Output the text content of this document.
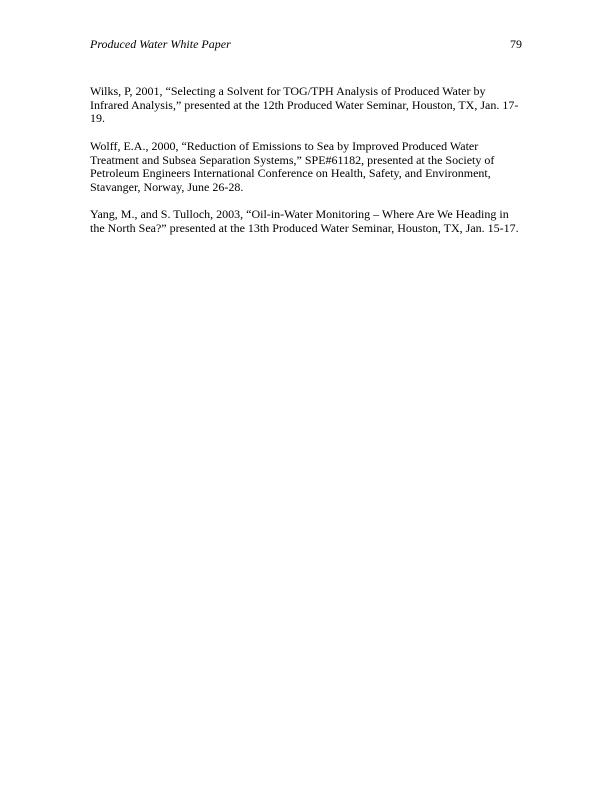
Produced Water White Paper	79

Wilks, P, 2001, “Selecting a Solvent for TOG/TPH Analysis of Produced Water by Infrared Analysis,” presented at the 12th Produced Water Seminar, Houston, TX, Jan. 17-19.

Wolff, E.A., 2000, “Reduction of Emissions to Sea by Improved Produced Water Treatment and Subsea Separation Systems,” SPE#61182, presented at the Society of Petroleum Engineers International Conference on Health, Safety, and Environment, Stavanger, Norway, June 26-28.

Yang, M., and S. Tulloch, 2003, “Oil-in-Water Monitoring – Where Are We Heading in the North Sea?” presented at the 13th Produced Water Seminar, Houston, TX, Jan. 15-17.
